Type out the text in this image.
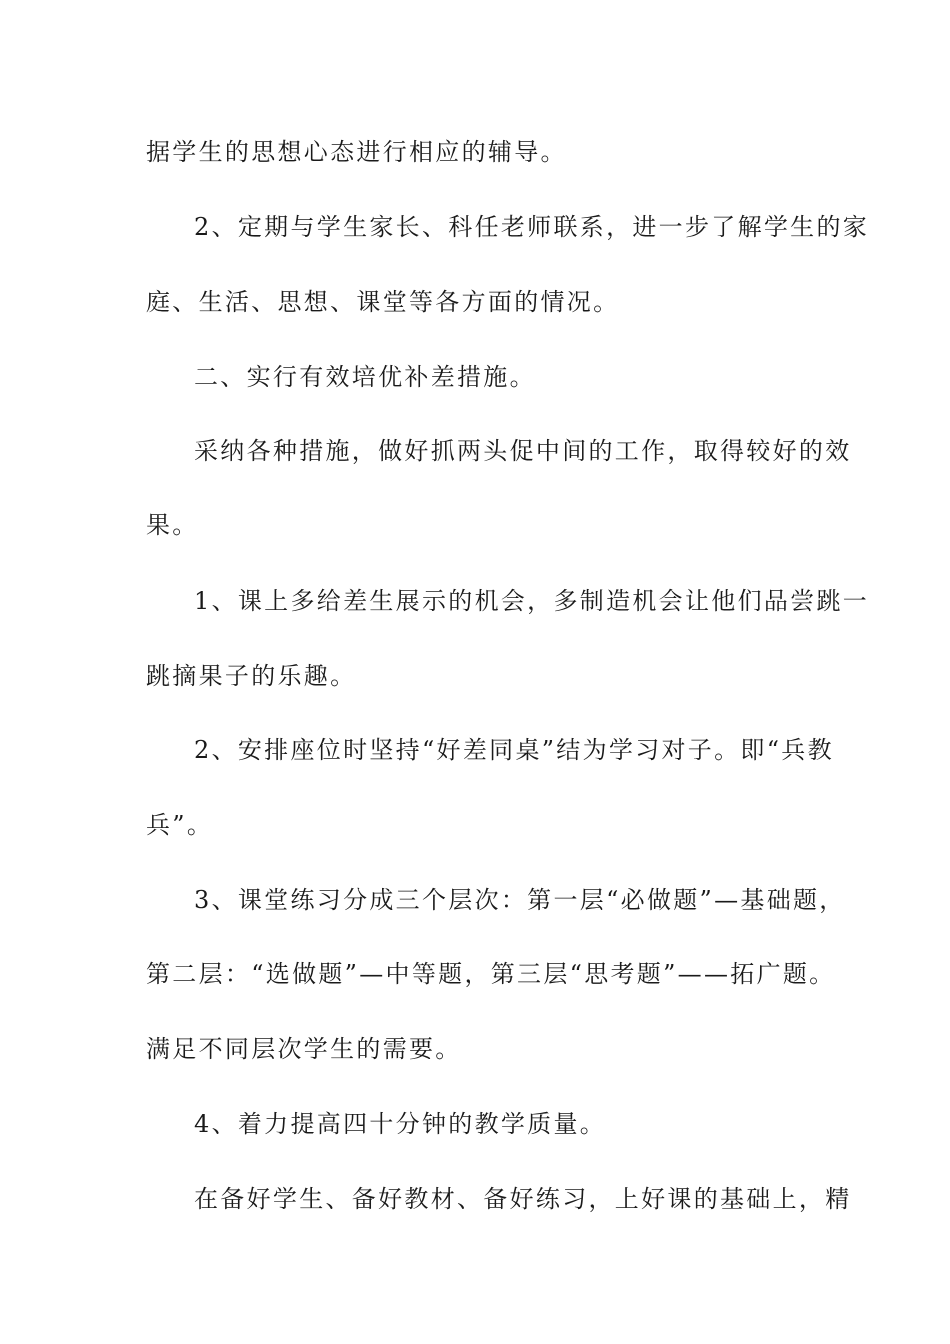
据学生的思想心态进行相应的辅导。
2、定期与学生家长、科任老师联系，进一步了解学生的家
庭、生活、思想、课堂等各方面的情况。
二、实行有效培优补差措施。
采纳各种措施，做好抓两头促中间的工作，取得较好的效
果。
1、课上多给差生展示的机会，多制造机会让他们品尝跳一
跳摘果子的乐趣。
2、安排座位时坚持“好差同桌”结为学习对子。即“兵教
兵”。
3、课堂练习分成三个层次：第一层“必做题”—基础题，
第二层：“选做题”—中等题，第三层“思考题”——拓广题。
满足不同层次学生的需要。
4、着力提高四十分钟的教学质量。
在备好学生、备好教材、备好练习，上好课的基础上，精
